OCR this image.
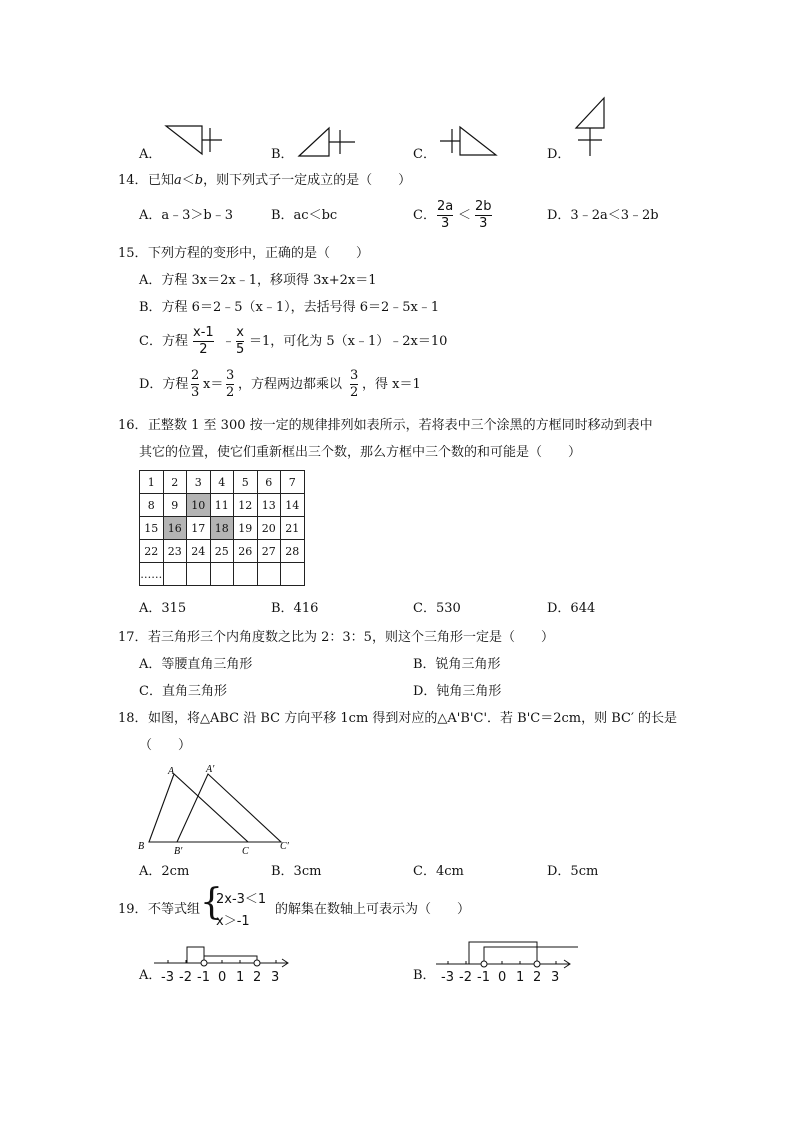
A．	B．	C．	D．
14． 已知a＜b，则下列式子一定成立的是（　　）
A．a﹣3＞b﹣3	B．ac＜bc	C．
2a
3
＜
2b
3
D．3﹣2a＜3﹣2b
15． 下列方程的变形中，正确的是（　　）
A．方程 3x＝2x﹣1，移项得 3x+2x＝1
B．方程 6＝2﹣5（x﹣1），去括号得 6＝2﹣5x﹣1
C．方程
x-1
2
﹣
x
5
＝1，可化为 5（x﹣1）﹣2x＝10
D．方程
2
3
x＝
3
2
，方程两边都乘以
3
2
，得 x＝1
16． 正整数 1 至 300 按一定的规律排列如表所示，若将表中三个涂黑的方框同时移动到表中
其它的位置，使它们重新框出三个数，那么方框中三个数的和可能是（　　）
1	2	3	4	5	6	7
8	9	10	11	12	13	14
15	16	17	18	19	20	21
22	23	24	25	26	27	28
……						
A．315	B．416	C．530	D．644
17． 若三角形三个内角度数之比为 2：3：5，则这个三角形一定是（　　）
A．等腰直角三角形	B．锐角三角形
C．直角三角形	D．钝角三角形
18． 如图，将△ABC 沿 BC 方向平移 1cm 得到对应的△A'B'C'．若 B'C＝2cm，则 BC′ 的长是
（　　）
A	A′
B	B′	C	C′
A．2cm	B．3cm	C．4cm	D．5cm
19． 不等式组 {
2x-3＜1
x＞-1
的解集在数轴上可表示为（　　）
A． -3 -2 -1 0 1 2 3	B． -3 -2 -1 0 1 2 3
